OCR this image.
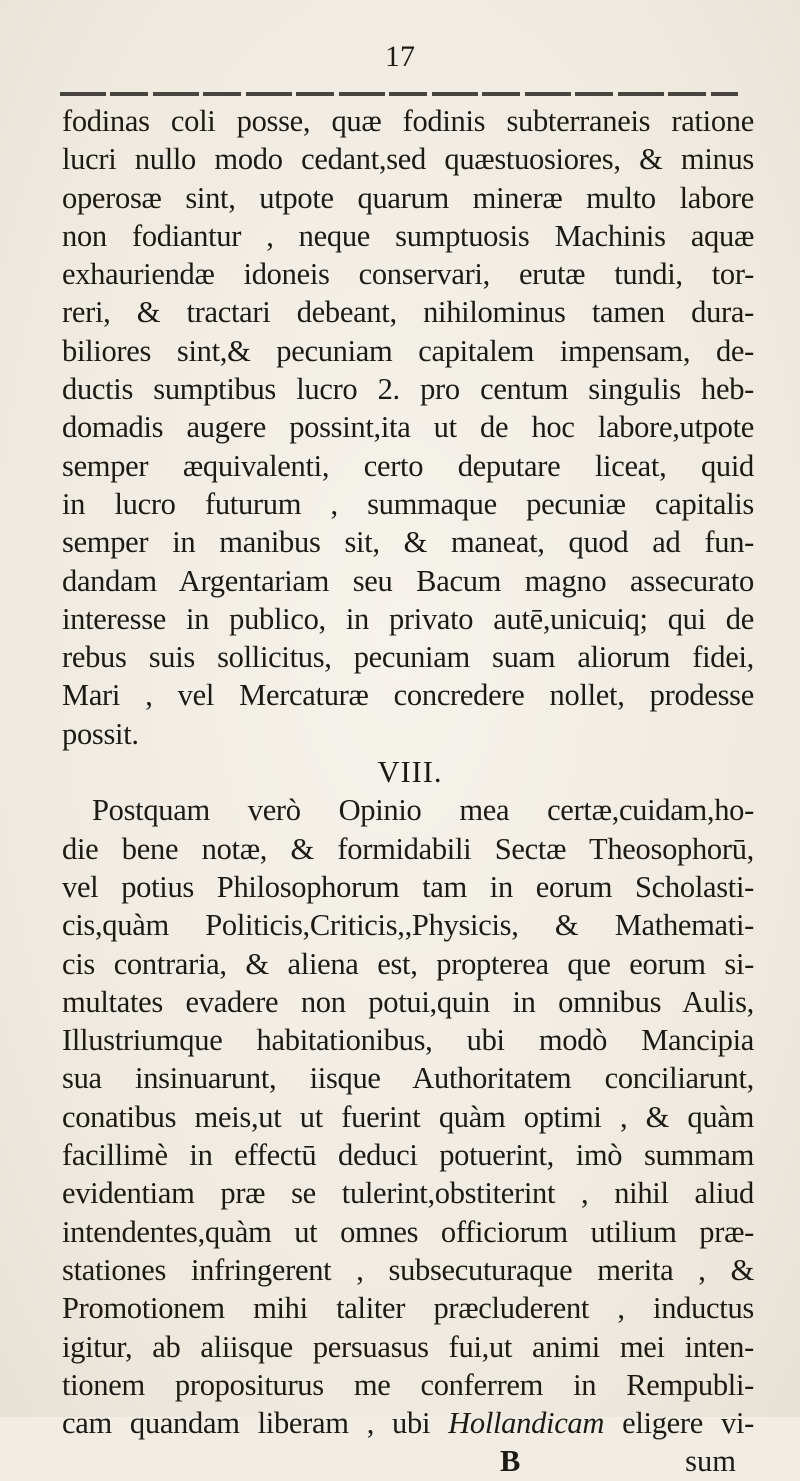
17
fodinas coli posse, quæ fodinis subterraneis ratione
lucri nullo modo cedant,sed quæstuosiores, & minus
operosæ sint, utpote quarum mineræ multo labore
non fodiantur , neque sumptuosis Machinis aquæ
exhauriendæ idoneis conservari, erutæ tundi, tor-
reri, & tractari debeant, nihilominus tamen dura-
biliores sint,& pecuniam capitalem impensam, de-
ductis sumptibus lucro 2. pro centum singulis heb-
domadis augere possint,ita ut de hoc labore,utpote
semper æquivalenti, certo deputare liceat, quid
in lucro futurum , summaque pecuniæ capitalis
semper in manibus sit, & maneat, quod ad fun-
dandam Argentariam seu Bacum magno assecurato
interesse in publico, in privato autē,unicuiq; qui de
rebus suis sollicitus, pecuniam suam aliorum fidei,
Mari , vel Mercaturæ concredere nollet, prodesse
possit.
VIII.
Postquam verò Opinio mea certæ,cuidam,ho-
die bene notæ, & formidabili Sectæ Theosophorū,
vel potius Philosophorum tam in eorum Scholasti-
cis,quàm Politicis,Criticis,,Physicis, & Mathemati-
cis contraria, & aliena est, propterea que eorum si-
multates evadere non potui,quin in omnibus Aulis,
Illustriumque habitationibus, ubi modò Mancipia
sua insinuarunt, iisque Authoritatem conciliarunt,
conatibus meis,ut ut fuerint quàm optimi , & quàm
facillimè in effectū deduci potuerint, imò summam
evidentiam præ se tulerint,obstiterint , nihil aliud
intendentes,quàm ut omnes officiorum utilium præ-
stationes infringerent , subsecuturaque merita , &
Promotionem mihi taliter præcluderent , inductus
igitur, ab aliisque persuasus fui,ut animi mei inten-
tionem propositurus me conferrem in Rempubli-
cam quandam liberam , ubi Hollandicam eligere vi-
B	sum
